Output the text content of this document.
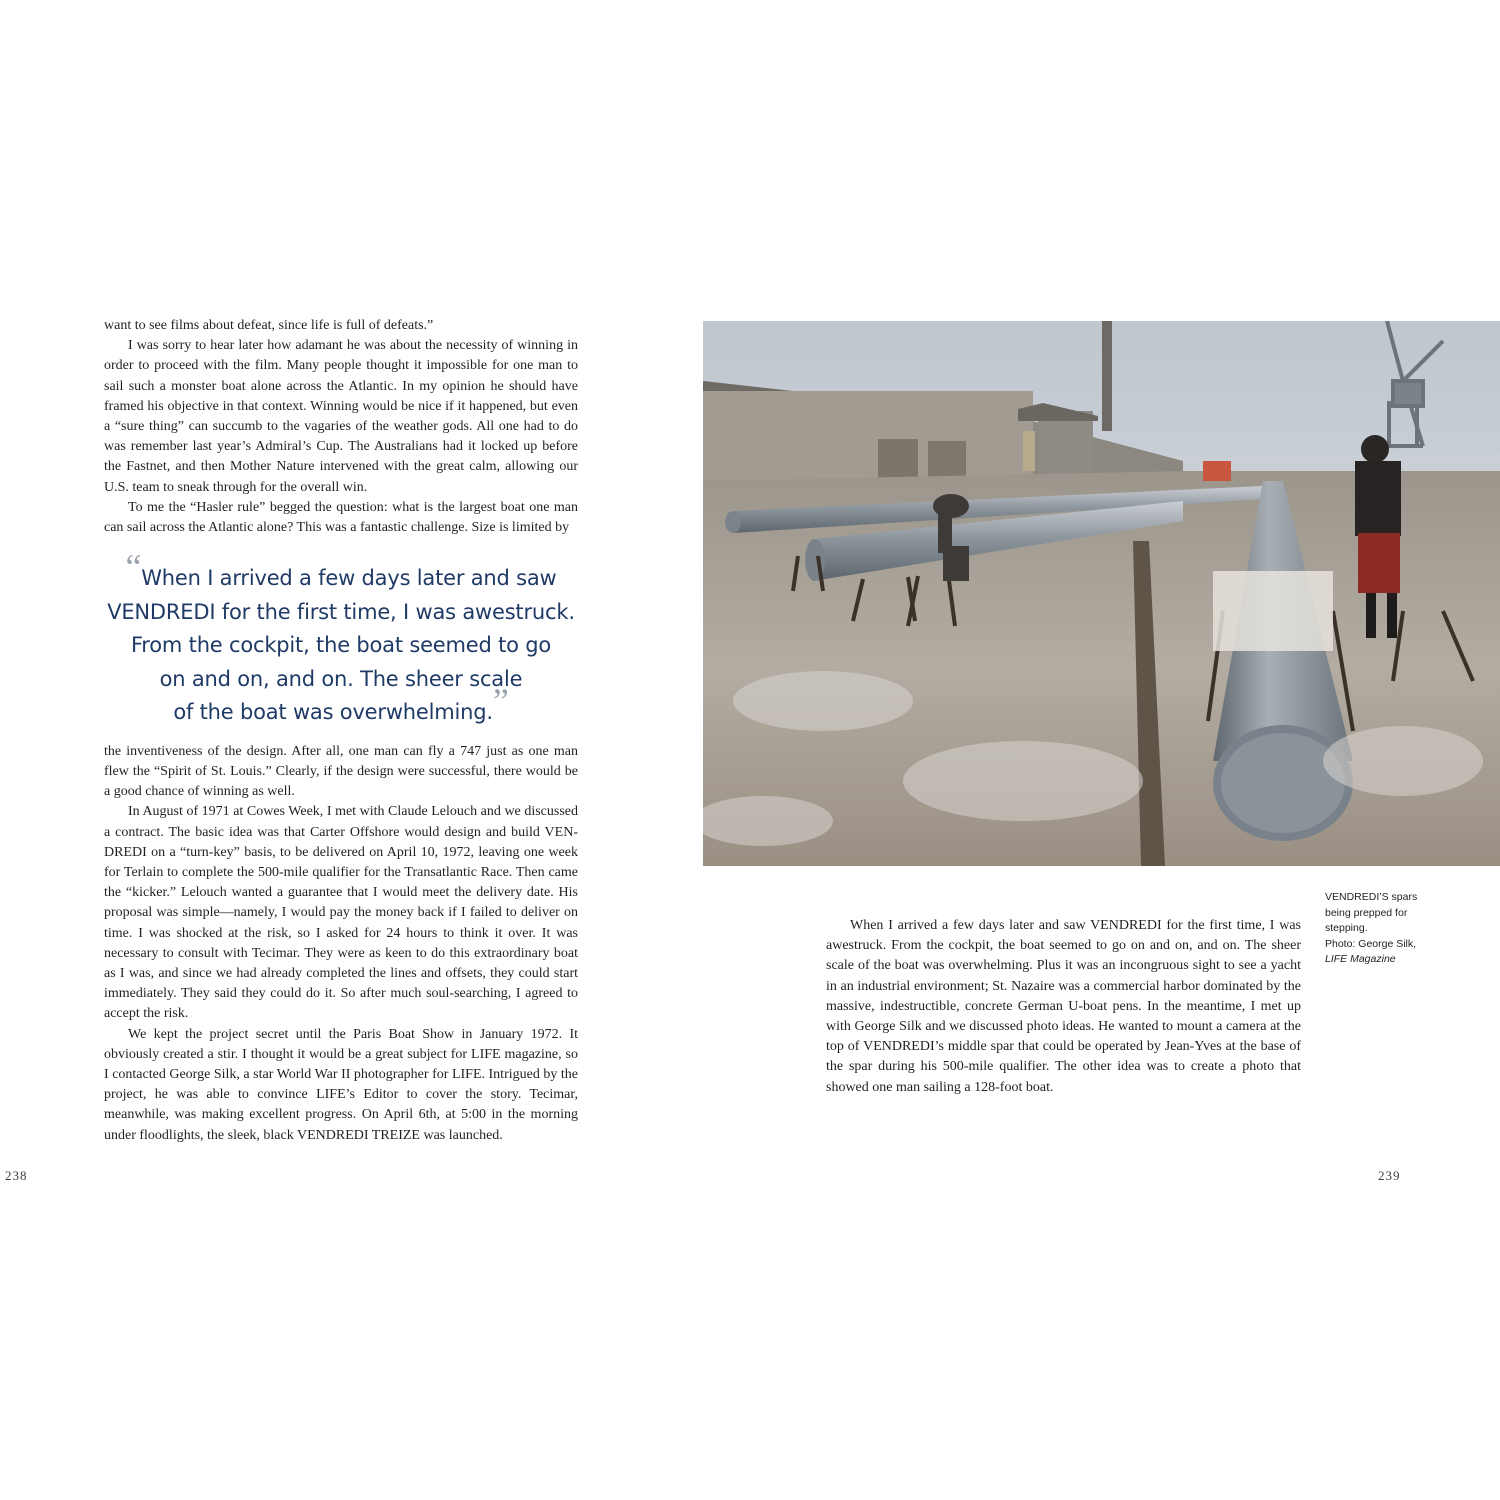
want to see films about defeat, since life is full of defeats.”

I was sorry to hear later how adamant he was about the necessity of winning in order to proceed with the film. Many people thought it impossible for one man to sail such a monster boat alone across the Atlantic. In my opinion he should have framed his objective in that context. Winning would be nice if it happened, but even a “sure thing” can succumb to the vagaries of the weather gods. All one had to do was remember last year’s Admiral’s Cup. The Australians had it locked up before the Fastnet, and then Mother Nature intervened with the great calm, allowing our U.S. team to sneak through for the overall win.

To me the “Hasler rule” begged the question: what is the largest boat one man can sail across the Atlantic alone? This was a fantastic challenge. Size is limited by

“When I arrived a few days later and saw
VENDREDI for the first time, I was awestruck.
From the cockpit, the boat seemed to go
on and on, and on. The sheer scale
of the boat was overwhelming.”

the inventiveness of the design. After all, one man can fly a 747 just as one man flew the “Spirit of St. Louis.” Clearly, if the design were successful, there would be a good chance of winning as well.

In August of 1971 at Cowes Week, I met with Claude Lelouch and we discussed a contract. The basic idea was that Carter Offshore would design and build VEN-DREDI on a “turn-key” basis, to be delivered on April 10, 1972, leaving one week for Terlain to complete the 500-mile qualifier for the Transatlantic Race. Then came the “kicker.” Lelouch wanted a guarantee that I would meet the delivery date. His proposal was simple—namely, I would pay the money back if I failed to deliver on time. I was shocked at the risk, so I asked for 24 hours to think it over. It was necessary to consult with Tecimar. They were as keen to do this extraordinary boat as I was, and since we had already completed the lines and offsets, they could start immediately. They said they could do it. So after much soul-searching, I agreed to accept the risk.

We kept the project secret until the Paris Boat Show in January 1972. It obviously created a stir. I thought it would be a great subject for LIFE magazine, so I contacted George Silk, a star World War II photographer for LIFE. Intrigued by the project, he was able to convince LIFE’s Editor to cover the story. Tecimar, meanwhile, was making excellent progress. On April 6th, at 5:00 in the morning under floodlights, the sleek, black VENDREDI TREIZE was launched.

238
VENDREDI’S spars being prepped for stepping.
Photo: George Silk,
LIFE Magazine

When I arrived a few days later and saw VENDREDI for the first time, I was awestruck. From the cockpit, the boat seemed to go on and on, and on. The sheer scale of the boat was overwhelming. Plus it was an incongruous sight to see a yacht in an industrial environment; St. Nazaire was a commercial harbor dominated by the massive, indestructible, concrete German U-boat pens. In the meantime, I met up with George Silk and we discussed photo ideas. He wanted to mount a camera at the top of VENDREDI’s middle spar that could be operated by Jean-Yves at the base of the spar during his 500-mile qualifier. The other idea was to create a photo that showed one man sailing a 128-foot boat.

239
